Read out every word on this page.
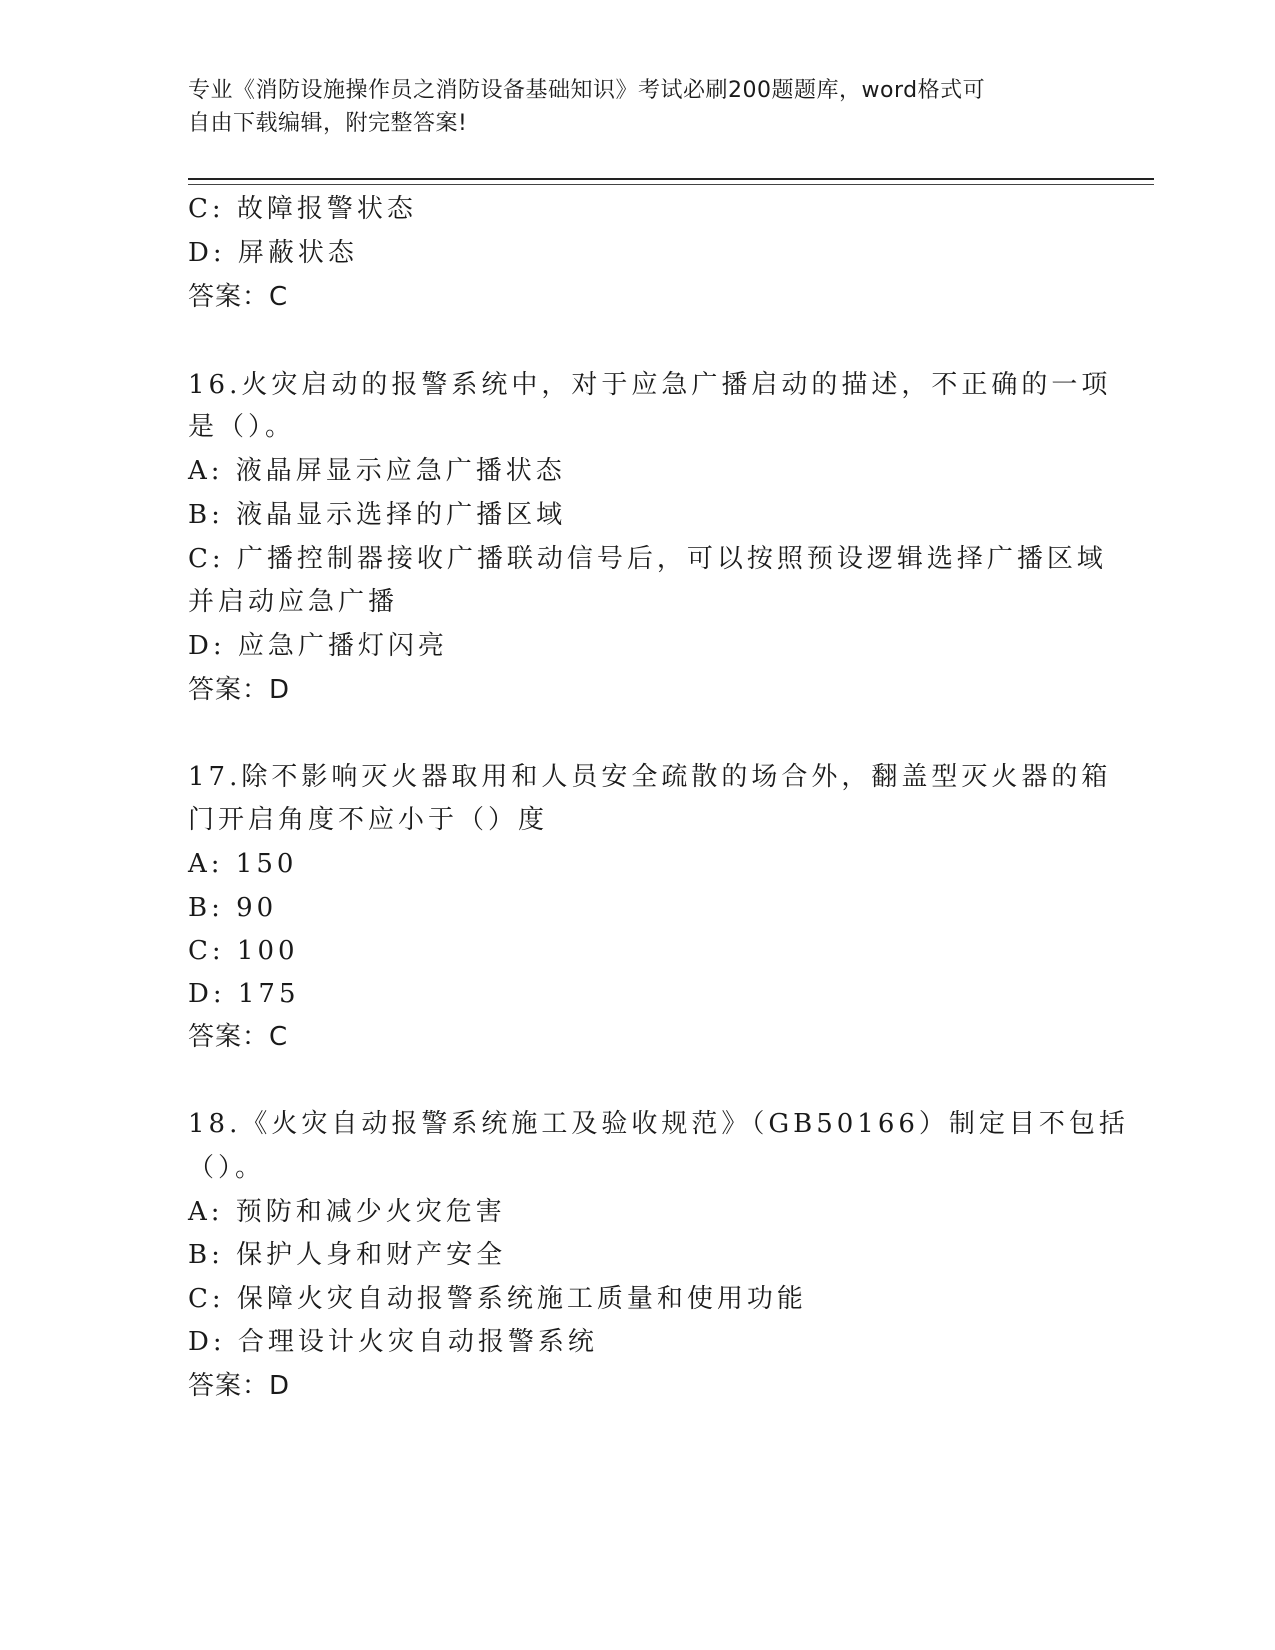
专业《消防设施操作员之消防设备基础知识》考试必刷200题题库，word格式可
自由下载编辑，附完整答案!
C: 故障报警状态
D: 屏蔽状态
答案：C
16.火灾启动的报警系统中，对于应急广播启动的描述，不正确的一项
是（）。
A: 液晶屏显示应急广播状态
B: 液晶显示选择的广播区域
C: 广播控制器接收广播联动信号后，可以按照预设逻辑选择广播区域
并启动应急广播
D: 应急广播灯闪亮
答案：D
17.除不影响灭火器取用和人员安全疏散的场合外，翻盖型灭火器的箱
门开启角度不应小于（）度
A: 150
B: 90
C: 100
D: 175
答案：C
18.《火灾自动报警系统施工及验收规范》（GB50166）制定目不包括
（）。
A: 预防和减少火灾危害
B: 保护人身和财产安全
C: 保障火灾自动报警系统施工质量和使用功能
D: 合理设计火灾自动报警系统
答案：D
